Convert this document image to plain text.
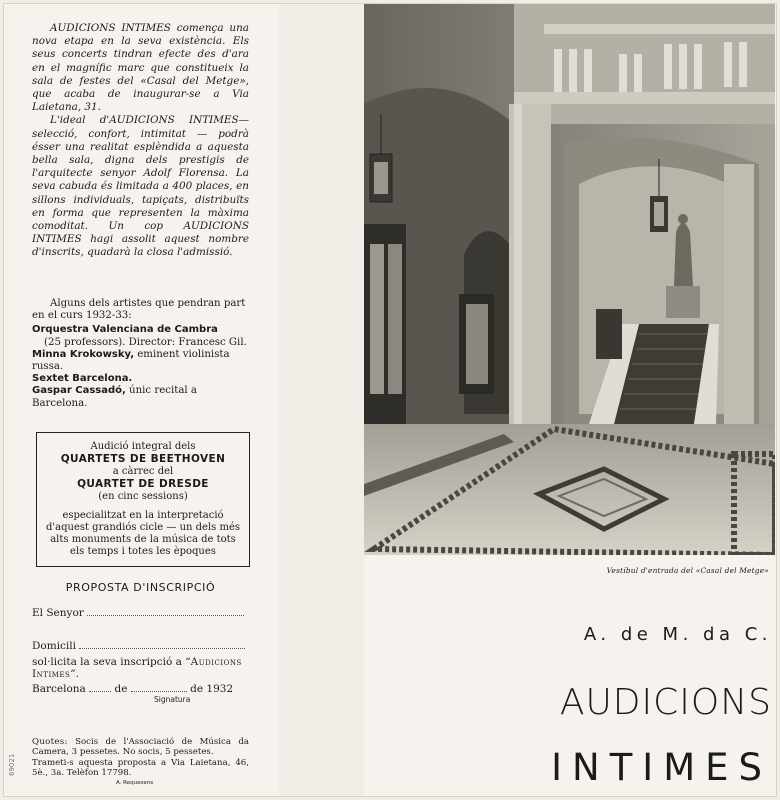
AUDICIONS INTIMES comença una nova etapa en la seva existència. Els seus concerts tindran efecte des d'ara en el magnífic marc que constitueix la sala de festes del «Casal del Metge», que acaba de inaugurar-se a Via Laietana, 31.

L'ideal d'AUDICIONS INTIMES— selecció, confort, intimitat — podrà ésser una realitat esplèndida a aquesta bella sala, digna dels prestigis de l'arquitecte senyor Adolf Florensa. La seva cabuda és limitada a 400 places, en sillons individuals, tapiçats, distribuïts en forma que representen la màxima comoditat. Un cop AUDICIONS INTIMES hagi assolit aquest nombre d'inscrits, quadarà la closa l'admissió.

Alguns dels artistes que pendran part en el curs 1932-33:

Orquestra Valenciana de Cambra
(25 professors). Director: Francesc Gil.
Minna Krokowsky, eminent violinista russa.
Sextet Barcelona.
Gaspar Cassadó, únic recital a Barcelona.
Audició integral dels
QUARTETS DE BEETHOVEN
a càrrec del
QUARTET DE DRESDE
(en cinc sessions)
especialitzat en la interpretació d'aquest grandiós cicle — un dels més alts monuments de la música de tots els temps i totes les èpoques
PROPOSTA D'INSCRIPCIÓ
El Senyor
Domicili
sol·licita la seva inscripció a “Audicions Intimes”.
Barcelona	de	de 1932
Signatura

Quotes: Socis de l'Associació de Música da Camera, 3 pessetes. No socis, 5 pessetes.

Trameti-s aquesta proposta a Via Laietana, 46, 5è., 3a. Telèfon 17798.

A. Requesens
Vestíbul d'entrada del «Casal del Metge»
A. de M. da C.
AUDICIONS
INTIMES
69021
